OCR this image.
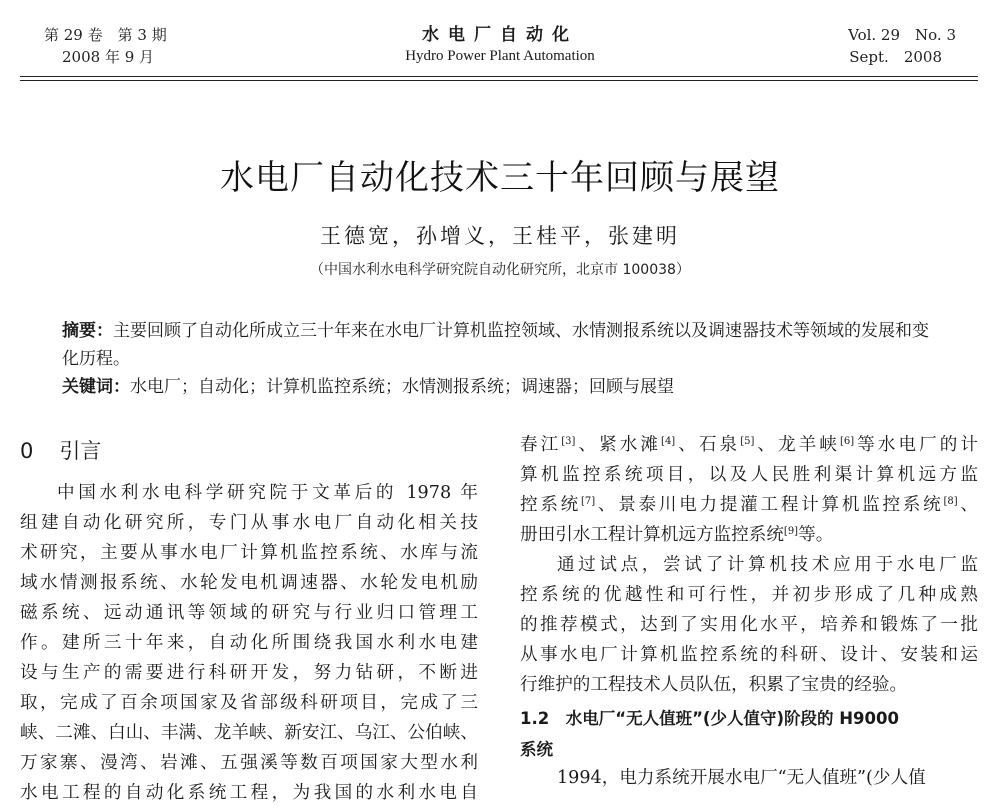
第 29 卷　第 3 期
2008 年 9 月
水电厂自动化
Hydro Power Plant Automation
Vol. 29　No. 3
Sept.　2008
水电厂自动化技术三十年回顾与展望
王德宽，孙增义，王桂平，张建明
（中国水利水电科学研究院自动化研究所，北京市 100038）
摘要：主要回顾了自动化所成立三十年来在水电厂计算机监控领域、水情测报系统以及调速器技术等领域的发展和变化历程。
关键词：水电厂；自动化；计算机监控系统；水情测报系统；调速器；回顾与展望
0 引言
中国水利水电科学研究院于文革后的 1978 年
组建自动化研究所，专门从事水电厂自动化相关技
术研究，主要从事水电厂计算机监控系统、水库与流
域水情测报系统、水轮发电机调速器、水轮发电机励
磁系统、远动通讯等领域的研究与行业归口管理工
作。建所三十年来，自动化所围绕我国水利水电建
设与生产的需要进行科研开发，努力钻研，不断进
取，完成了百余项国家及省部级科研项目，完成了三
峡、二滩、白山、丰满、龙羊峡、新安江、乌江、公伯峡、
万家寨、漫湾、岩滩、五强溪等数百项国家大型水利
水电工程的自动化系统工程，为我国的水利水电自
春江[3]、紧水滩[4]、石泉[5]、龙羊峡[6]等水电厂的计
算机监控系统项目，以及人民胜利渠计算机远方监
控系统[7]、景泰川电力提灌工程计算机监控系统[8]、
册田引水工程计算机远方监控系统[9]等。
通过试点，尝试了计算机技术应用于水电厂监
控系统的优越性和可行性，并初步形成了几种成熟
的推荐模式，达到了实用化水平，培养和锻炼了一批
从事水电厂计算机监控系统的科研、设计、安装和运
行维护的工程技术人员队伍，积累了宝贵的经验。
1.2　水电厂“无人值班”(少人值守)阶段的 H9000
系统
1994，电力系统开展水电厂“无人值班”(少人值
